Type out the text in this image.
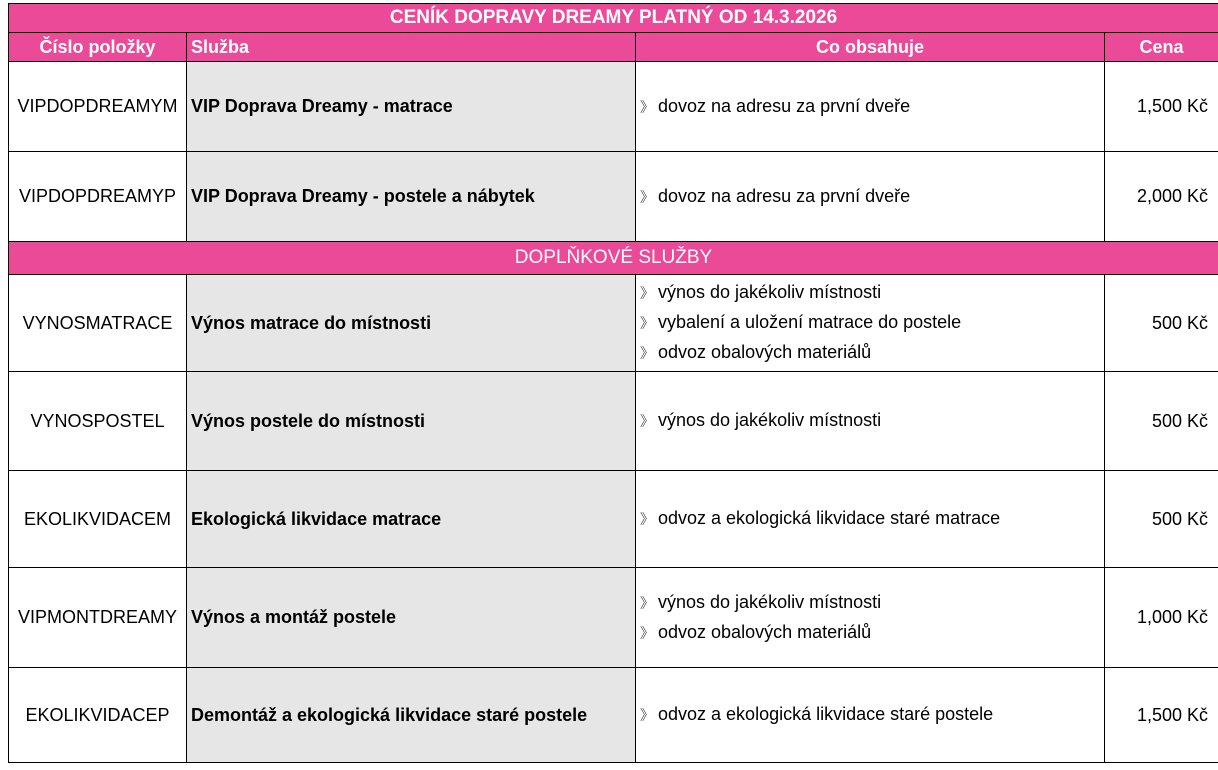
CENÍK DOPRAVY DREAMY PLATNÝ OD 14.3.2026			
Číslo položky	Služba	Co obsahuje	Cena
VIPDOPDREAMYM	VIP Doprava Dreamy - matrace	》 dovoz na adresu za první dveře	1,500 Kč
VIPDOPDREAMYP	VIP Doprava Dreamy - postele a nábytek	》 dovoz na adresu za první dveře	2,000 Kč
DOPLŇKOVÉ SLUŽBY			
VYNOSMATRACE	Výnos matrace do místnosti	》 výnos do jakékoliv místnosti
》 vybalení a uložení matrace do postele
》 odvoz obalových materiálů	500 Kč
VYNOSPOSTEL	Výnos postele do místnosti	》 výnos do jakékoliv místnosti	500 Kč
EKOLIKVIDACEM	Ekologická likvidace matrace	》 odvoz a ekologická likvidace staré matrace	500 Kč
VIPMONTDREAMY	Výnos a montáž postele	》 výnos do jakékoliv místnosti
》 odvoz obalových materiálů	1,000 Kč
EKOLIKVIDACEP	Demontáž a ekologická likvidace staré postele	》 odvoz a ekologická likvidace staré postele	1,500 Kč
